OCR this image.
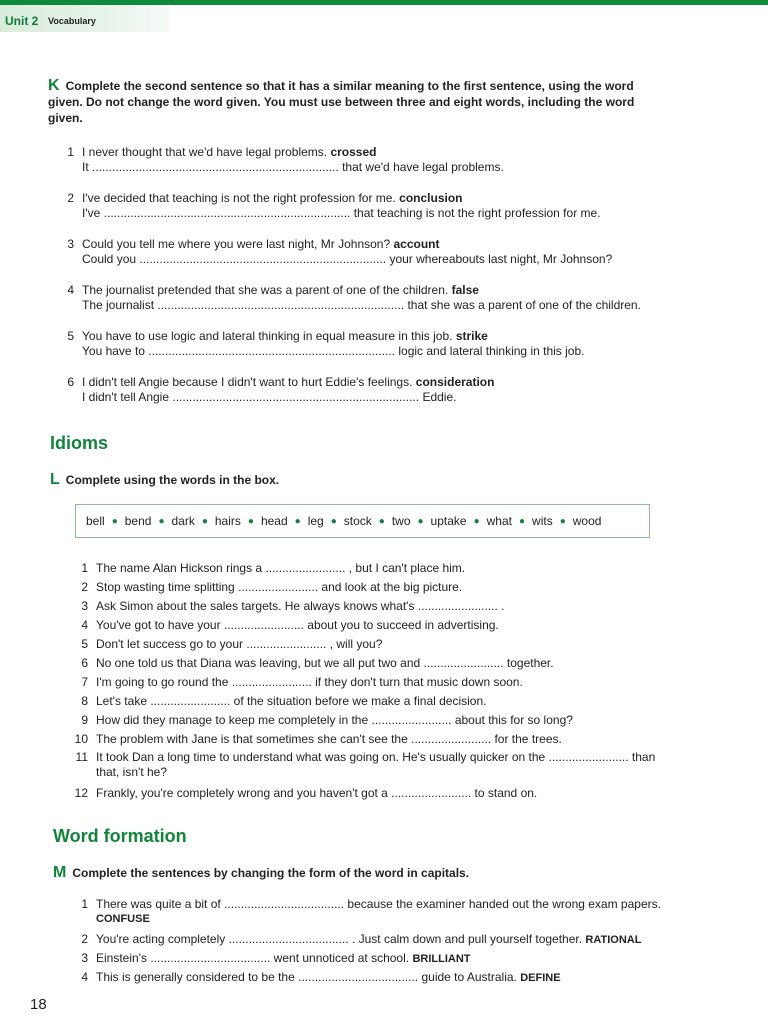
Unit 2 Vocabulary
K Complete the second sentence so that it has a similar meaning to the first sentence, using the word given. Do not change the word given. You must use between three and eight words, including the word given.
1 I never thought that we'd have legal problems. crossed
It .......................................................................... that we'd have legal problems.
2 I've decided that teaching is not the right profession for me. conclusion
I've .......................................................................... that teaching is not the right profession for me.
3 Could you tell me where you were last night, Mr Johnson? account
Could you .......................................................................... your whereabouts last night, Mr Johnson?
4 The journalist pretended that she was a parent of one of the children. false
The journalist .......................................................................... that she was a parent of one of the children.
5 You have to use logic and lateral thinking in equal measure in this job. strike
You have to .......................................................................... logic and lateral thinking in this job.
6 I didn't tell Angie because I didn't want to hurt Eddie's feelings. consideration
I didn't tell Angie .......................................................................... Eddie.
Idioms
L Complete using the words in the box.
bell ● bend ● dark ● hairs ● head ● leg ● stock ● two ● uptake ● what ● wits ● wood
1 The name Alan Hickson rings a ........................ , but I can't place him.
2 Stop wasting time splitting ........................ and look at the big picture.
3 Ask Simon about the sales targets. He always knows what's ........................ .
4 You've got to have your ........................ about you to succeed in advertising.
5 Don't let success go to your ........................ , will you?
6 No one told us that Diana was leaving, but we all put two and ........................ together.
7 I'm going to go round the ........................ if they don't turn that music down soon.
8 Let's take ........................ of the situation before we make a final decision.
9 How did they manage to keep me completely in the ........................ about this for so long?
10 The problem with Jane is that sometimes she can't see the ........................ for the trees.
11 It took Dan a long time to understand what was going on. He's usually quicker on the ........................ than
that, isn't he?
12 Frankly, you're completely wrong and you haven't got a ........................ to stand on.
Word formation
M Complete the sentences by changing the form of the word in capitals.
1 There was quite a bit of .................................... because the examiner handed out the wrong exam papers.
CONFUSE
2 You're acting completely .................................... . Just calm down and pull yourself together. RATIONAL
3 Einstein's .................................... went unnoticed at school. BRILLIANT
4 This is generally considered to be the .................................... guide to Australia. DEFINE
18
